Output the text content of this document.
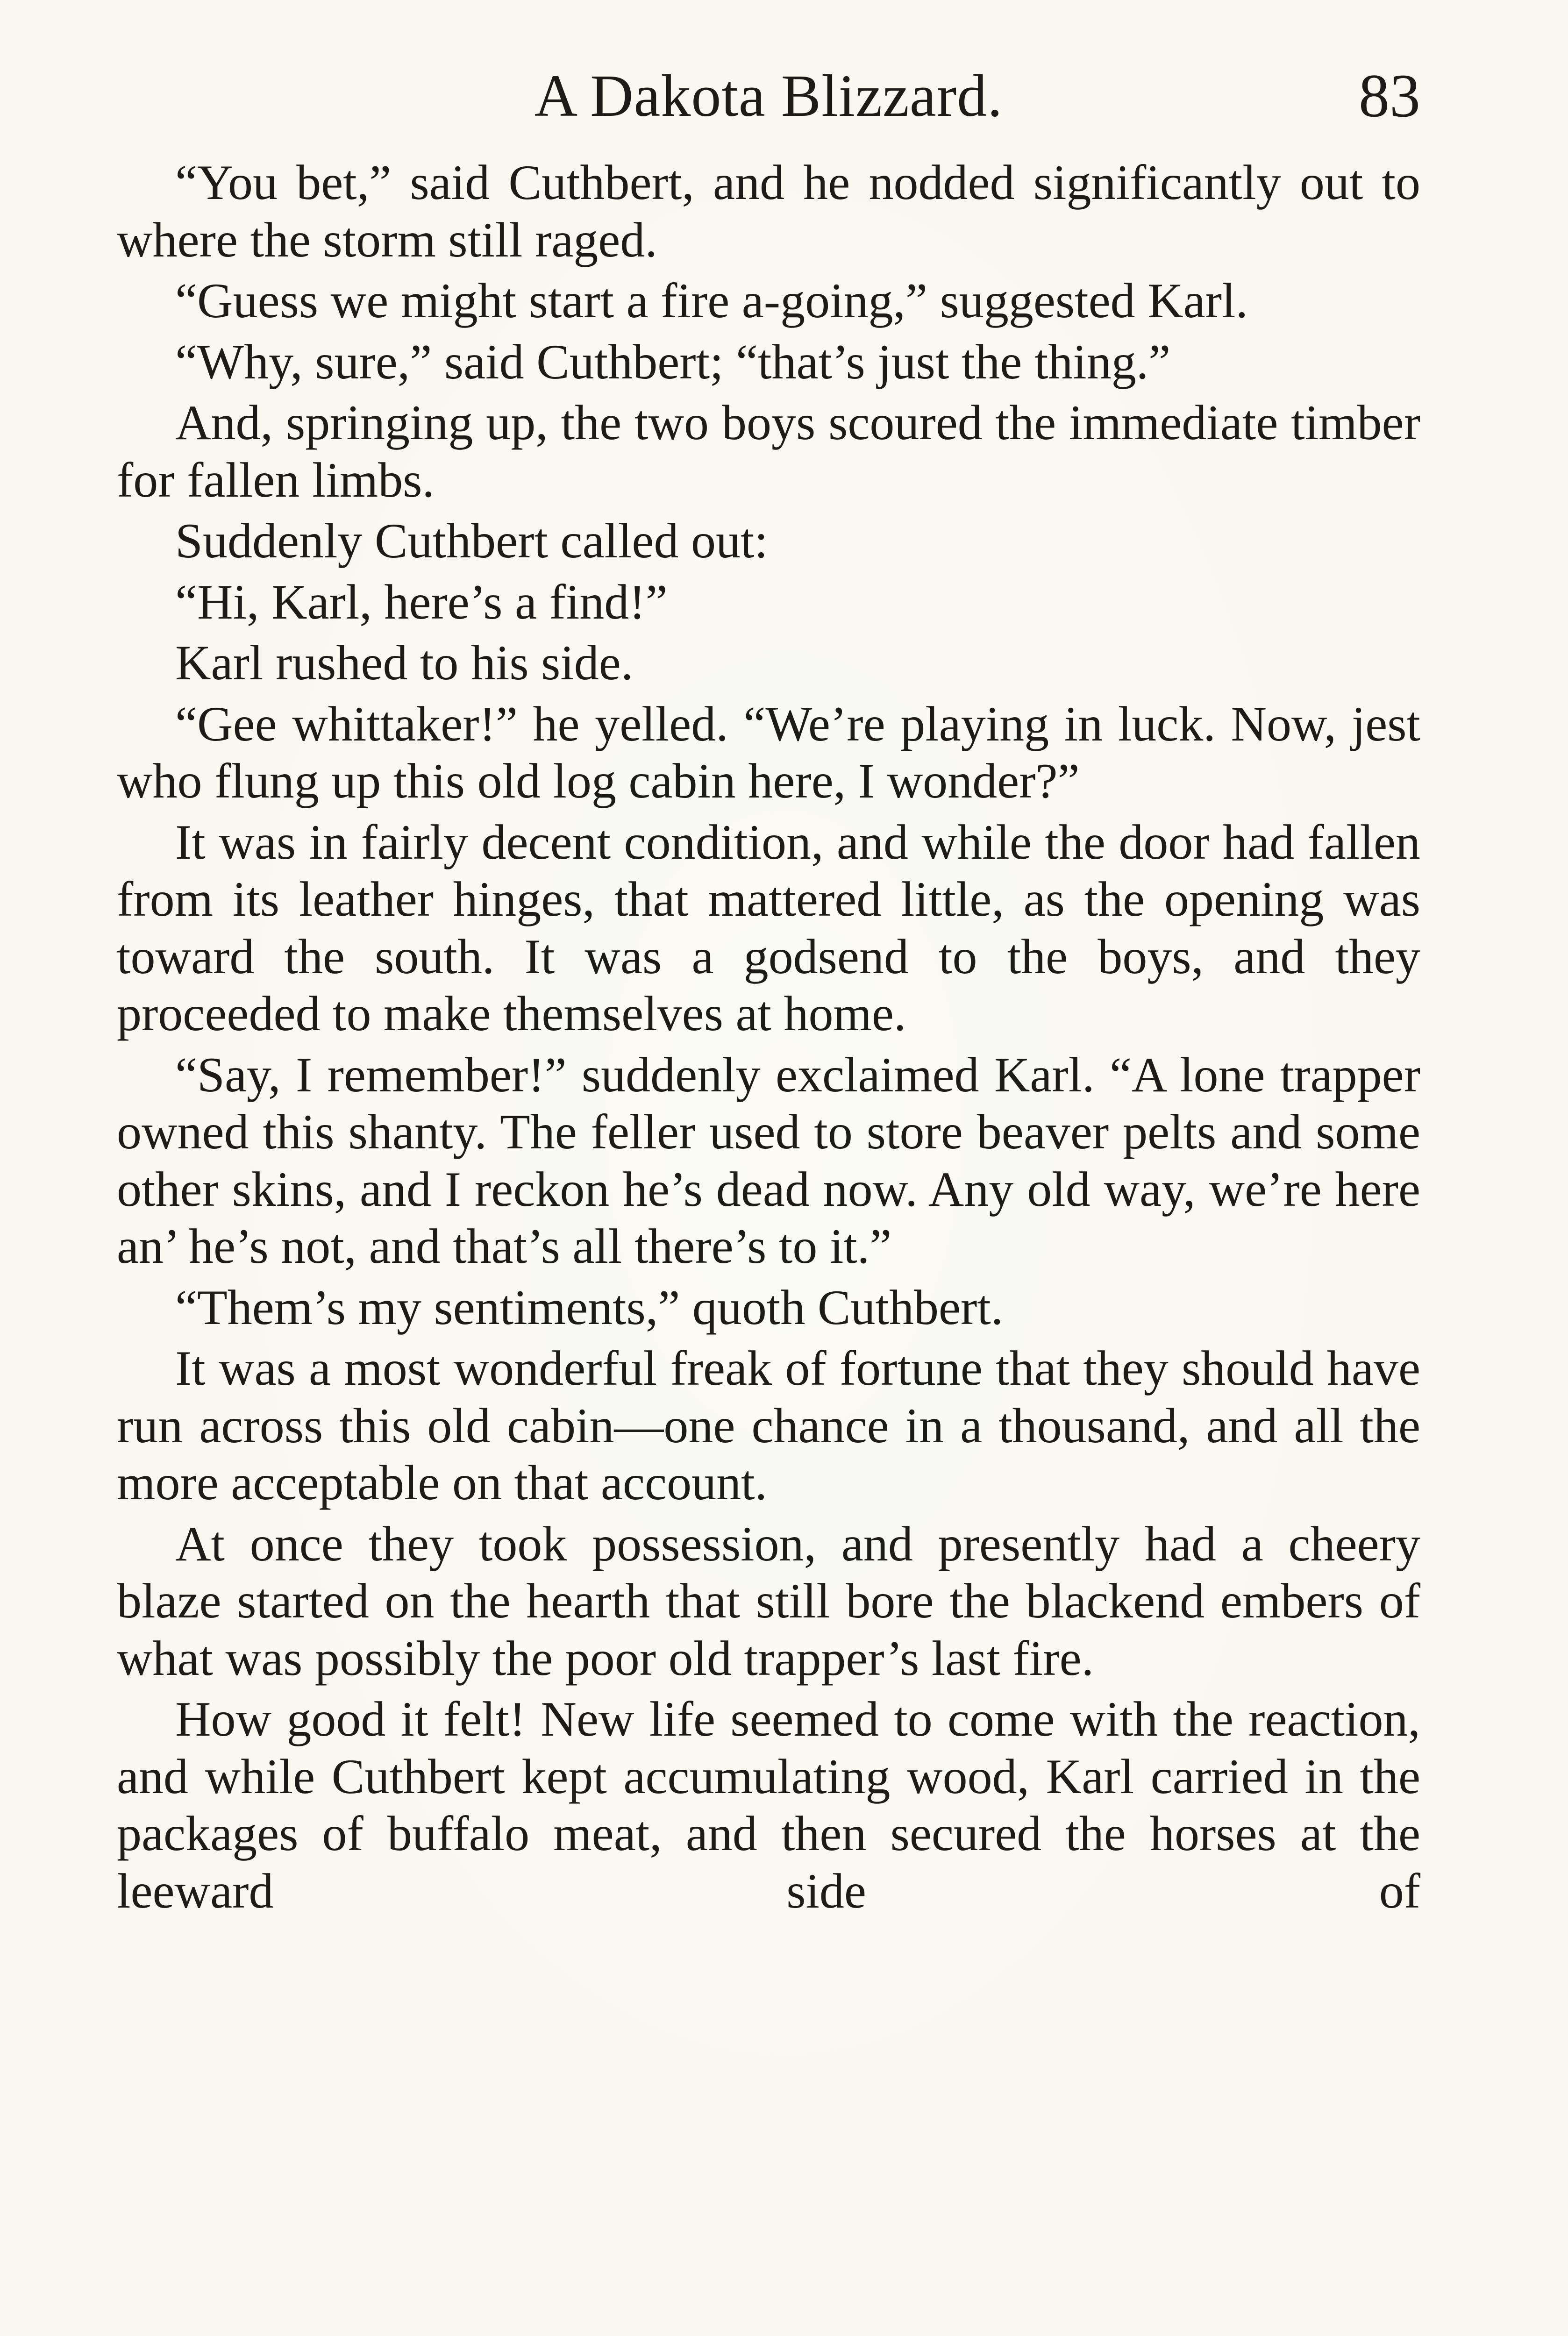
A Dakota Blizzard.	83

“You bet,” said Cuthbert, and he nodded significantly out to where the storm still raged.

“Guess we might start a fire a-going,” suggested Karl.

“Why, sure,” said Cuthbert; “that’s just the thing.”

And, springing up, the two boys scoured the immediate timber for fallen limbs.

Suddenly Cuthbert called out:

“Hi, Karl, here’s a find!”

Karl rushed to his side.

“Gee whittaker!” he yelled. “We’re playing in luck. Now, jest who flung up this old log cabin here, I wonder?”

It was in fairly decent condition, and while the door had fallen from its leather hinges, that mattered little, as the opening was toward the south. It was a godsend to the boys, and they proceeded to make themselves at home.

“Say, I remember!” suddenly exclaimed Karl. “A lone trapper owned this shanty. The feller used to store beaver pelts and some other skins, and I reckon he’s dead now. Any old way, we’re here an’ he’s not, and that’s all there’s to it.”

“Them’s my sentiments,” quoth Cuthbert.

It was a most wonderful freak of fortune that they should have run across this old cabin—one chance in a thousand, and all the more acceptable on that account.

At once they took possession, and presently had a cheery blaze started on the hearth that still bore the blackend embers of what was possibly the poor old trapper’s last fire.

How good it felt! New life seemed to come with the reaction, and while Cuthbert kept accumulating wood, Karl carried in the packages of buffalo meat, and then secured the horses at the leeward side of
